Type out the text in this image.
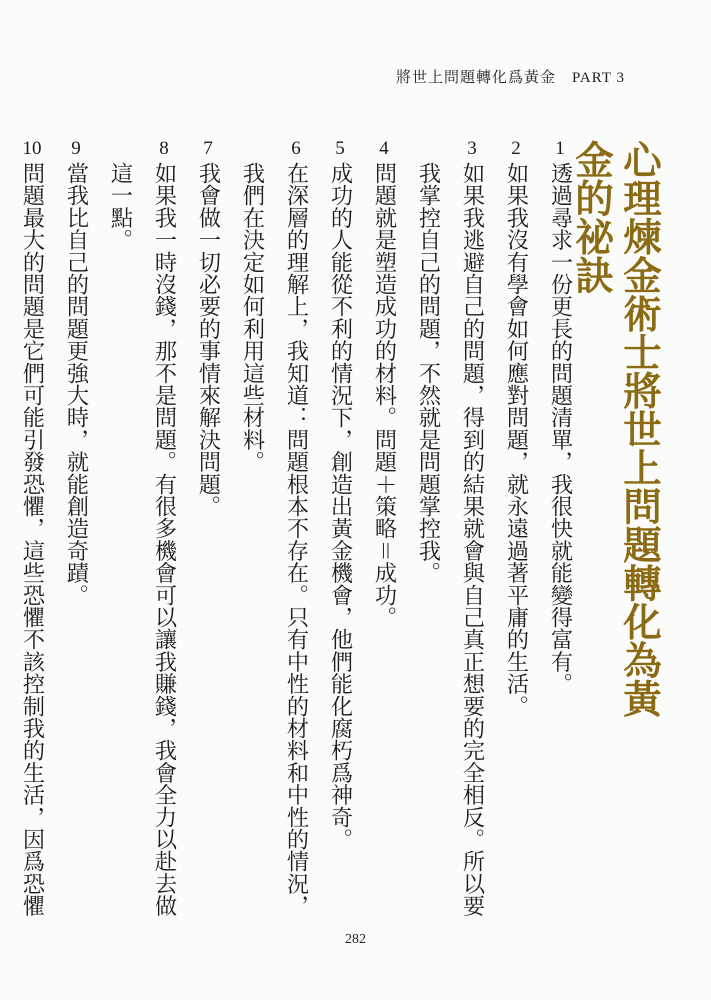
將世上問題轉化爲黃金　PART 3
心理煉金術士將世上問題轉化為黃金的祕訣
1
透過尋求一份更長的問題清單，我很快就能變得富有。
2
如果我沒有學會如何應對問題，就永遠過著平庸的生活。
3
如果我逃避自己的問題，得到的結果就會與自己真正想要的完全相反。所以要
我掌控自己的問題，不然就是問題掌控我。
4
問題就是塑造成功的材料。問題＋策略＝成功。
5
成功的人能從不利的情況下，創造出黃金機會，他們能化腐朽爲神奇。
6
在深層的理解上，我知道：問題根本不存在。只有中性的材料和中性的情況，
我們在決定如何利用這些材料。
7
我會做一切必要的事情來解決問題。
8
如果我一時沒錢，那不是問題。有很多機會可以讓我賺錢，我會全力以赴去做
這一點。
9
當我比自己的問題更強大時，就能創造奇蹟。
10
問題最大的問題是它們可能引發恐懼，這些恐懼不該控制我的生活，因爲恐懼
282
